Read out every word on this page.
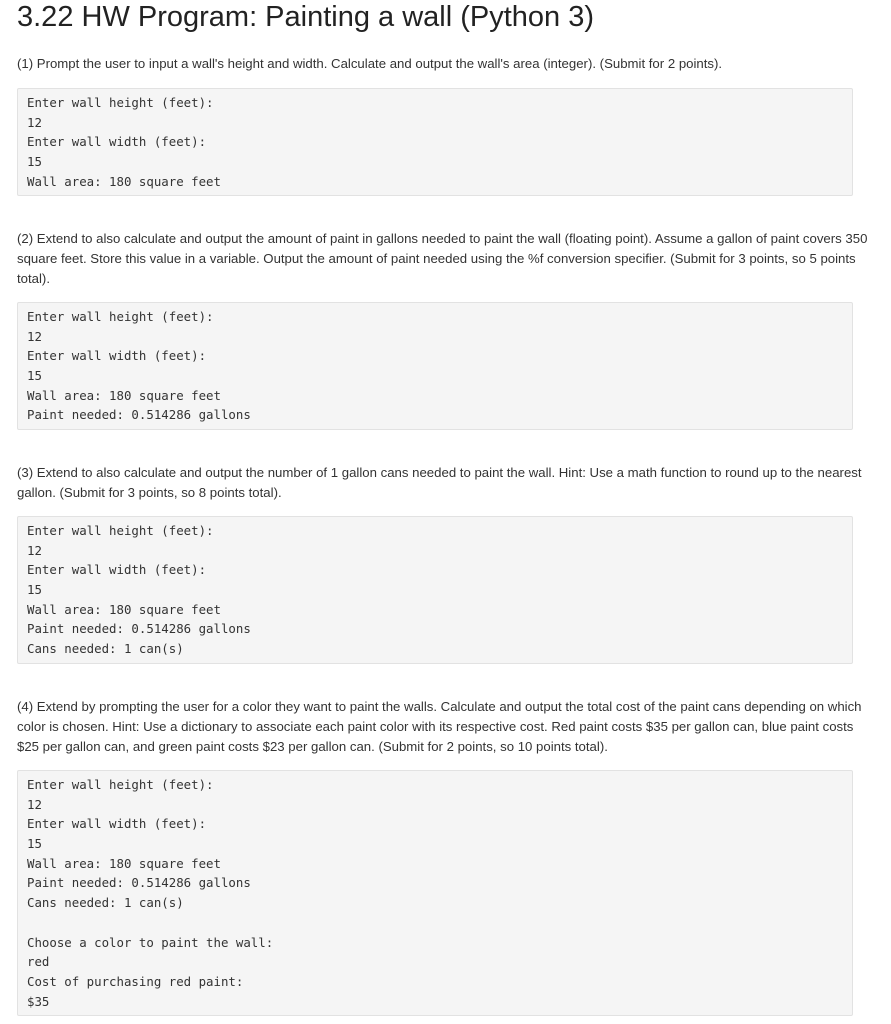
3.22 HW Program: Painting a wall (Python 3)

(1) Prompt the user to input a wall's height and width. Calculate and output the wall's area (integer). (Submit for 2 points).

Enter wall height (feet):
12
Enter wall width (feet):
15
Wall area: 180 square feet

(2) Extend to also calculate and output the amount of paint in gallons needed to paint the wall (floating point). Assume a gallon of paint covers 350 square feet. Store this value in a variable. Output the amount of paint needed using the %f conversion specifier. (Submit for 3 points, so 5 points total).

Enter wall height (feet):
12
Enter wall width (feet):
15
Wall area: 180 square feet
Paint needed: 0.514286 gallons

(3) Extend to also calculate and output the number of 1 gallon cans needed to paint the wall. Hint: Use a math function to round up to the nearest gallon. (Submit for 3 points, so 8 points total).

Enter wall height (feet):
12
Enter wall width (feet):
15
Wall area: 180 square feet
Paint needed: 0.514286 gallons
Cans needed: 1 can(s)

(4) Extend by prompting the user for a color they want to paint the walls. Calculate and output the total cost of the paint cans depending on which color is chosen. Hint: Use a dictionary to associate each paint color with its respective cost. Red paint costs $35 per gallon can, blue paint costs $25 per gallon can, and green paint costs $23 per gallon can. (Submit for 2 points, so 10 points total).

Enter wall height (feet):
12
Enter wall width (feet):
15
Wall area: 180 square feet
Paint needed: 0.514286 gallons
Cans needed: 1 can(s)
Choose a color to paint the wall:
red
Cost of purchasing red paint:
$35
